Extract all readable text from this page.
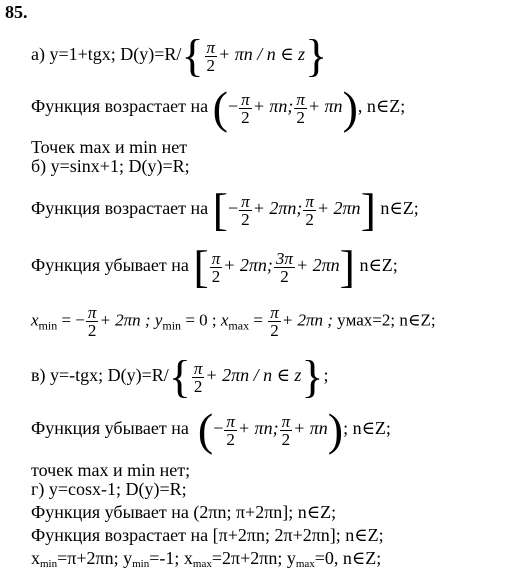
85.
а) y=1+tgx; $D(y)=R/\{ \frac{\pi}{2} + \pi n / n$ ∈ z}
Функция возрастает на (− $\frac{\pi}{2} + \pi n$; $\frac{\pi}{2} + \pi n$), n∈Z;
Точек max и min нет
б) y=sinx+1; D(y)=R;
Функция возрастает на [− $\frac{\pi}{2} + 2\pi n$; $\frac{\pi}{2} + 2\pi n$] n∈Z;
Функция убывает на [ $\frac{\pi}{2} + 2\pi n$; $\frac{3\pi}{2} + 2\pi n$] n∈Z;
$x_{min}$ = − $\frac{\pi}{2} + 2\pi n$ ; $y_{min} = 0$ ; $x_{max} = \frac{\pi}{2} + 2\pi n$ ; yмах=2; n∈Z;
в) y=-tgx; $D(y)=R/\{ \frac{\pi}{2} + 2\pi n / n$ ∈ z};
Функция убывает на (− $\frac{\pi}{2} + \pi n$; $\frac{\pi}{2} + \pi n$); n∈Z;
точек max и min нет;
г) y=cosx-1; D(y)=R;
Функция убывает на (2πn; π+2πn]; n∈Z;
Функция возрастает на [π+2πn; 2π+2πn]; n∈Z;
xmin=π+2πn; ymin=-1; xmax=2π+2πn; ymax=0, n∈Z;
